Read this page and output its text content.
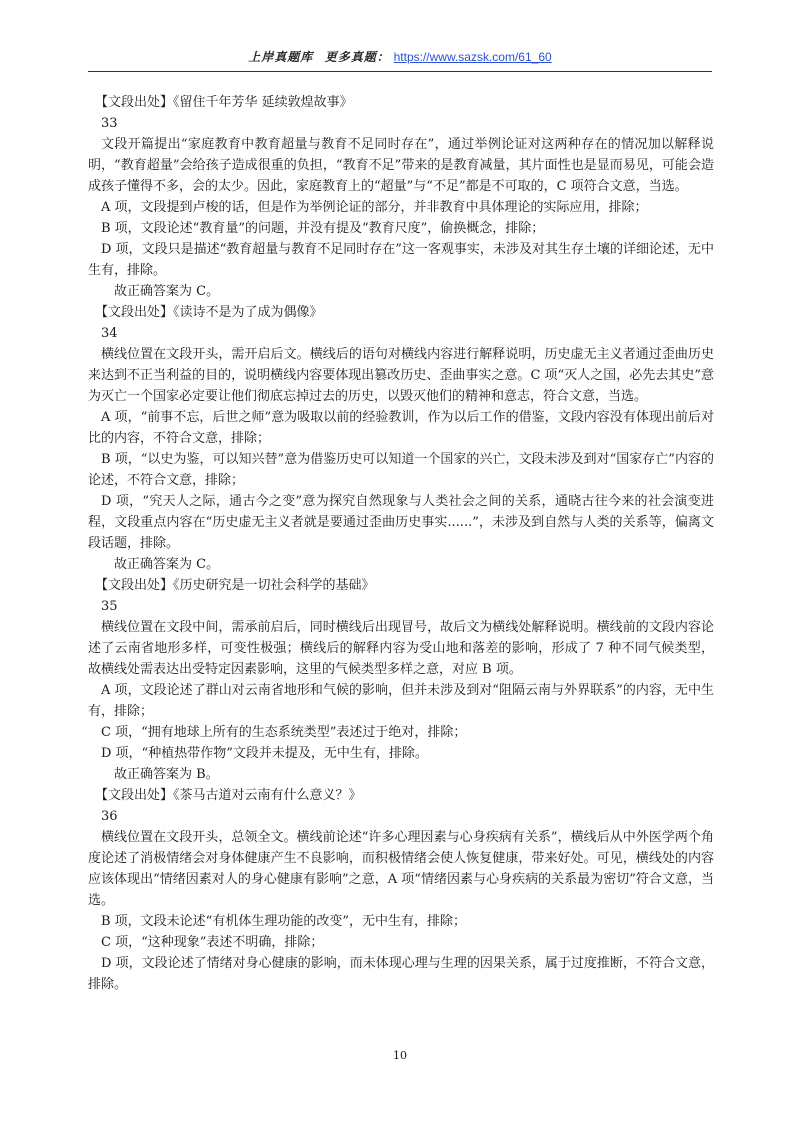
上岸真题库 更多真题： https://www.sazsk.com/61_60

【文段出处】《留住千年芳华 延续敦煌故事》

33

文段开篇提出“家庭教育中教育超量与教育不足同时存在”，通过举例论证对这两种存在的情况加以解释说明，“教育超量”会给孩子造成很重的负担，“教育不足”带来的是教育减量，其片面性也是显而易见，可能会造成孩子懂得不多，会的太少。因此，家庭教育上的“超量”与“不足”都是不可取的，C 项符合文意，当选。

A 项，文段提到卢梭的话，但是作为举例论证的部分，并非教育中具体理论的实际应用，排除；

B 项，文段论述“教育量”的问题，并没有提及“教育尺度”，偷换概念，排除；

D 项，文段只是描述“教育超量与教育不足同时存在”这一客观事实，未涉及对其生存土壤的详细论述，无中生有，排除。

故正确答案为 C。

【文段出处】《读诗不是为了成为偶像》

34

横线位置在文段开头，需开启后文。横线后的语句对横线内容进行解释说明，历史虚无主义者通过歪曲历史来达到不正当利益的目的，说明横线内容要体现出篡改历史、歪曲事实之意。C 项“灭人之国，必先去其史”意为灭亡一个国家必定要让他们彻底忘掉过去的历史，以毁灭他们的精神和意志，符合文意，当选。

A 项，“前事不忘，后世之师”意为吸取以前的经验教训，作为以后工作的借鉴，文段内容没有体现出前后对比的内容，不符合文意，排除；

B 项，“以史为鉴，可以知兴替”意为借鉴历史可以知道一个国家的兴亡，文段未涉及到对“国家存亡”内容的论述，不符合文意，排除；

D 项，“究天人之际，通古今之变”意为探究自然现象与人类社会之间的关系，通晓古往今来的社会演变进程，文段重点内容在“历史虚无主义者就是要通过歪曲历史事实......”，未涉及到自然与人类的关系等，偏离文段话题，排除。

故正确答案为 C。

【文段出处】《历史研究是一切社会科学的基础》

35

横线位置在文段中间，需承前启后，同时横线后出现冒号，故后文为横线处解释说明。横线前的文段内容论述了云南省地形多样，可变性极强；横线后的解释内容为受山地和落差的影响，形成了 7 种不同气候类型，故横线处需表达出受特定因素影响，这里的气候类型多样之意，对应 B 项。

A 项，文段论述了群山对云南省地形和气候的影响，但并未涉及到对“阻隔云南与外界联系”的内容，无中生有，排除；

C 项，“拥有地球上所有的生态系统类型”表述过于绝对，排除；

D 项，“种植热带作物”文段并未提及，无中生有，排除。

故正确答案为 B。

【文段出处】《茶马古道对云南有什么意义？》

36

横线位置在文段开头，总领全文。横线前论述“许多心理因素与心身疾病有关系”，横线后从中外医学两个角度论述了消极情绪会对身体健康产生不良影响，而积极情绪会使人恢复健康，带来好处。可见，横线处的内容应该体现出“情绪因素对人的身心健康有影响”之意，A 项“情绪因素与心身疾病的关系最为密切”符合文意，当选。

B 项，文段未论述“有机体生理功能的改变”，无中生有，排除；

C 项，“这种现象”表述不明确，排除；

D 项，文段论述了情绪对身心健康的影响，而未体现心理与生理的因果关系，属于过度推断，不符合文意，排除。

10
